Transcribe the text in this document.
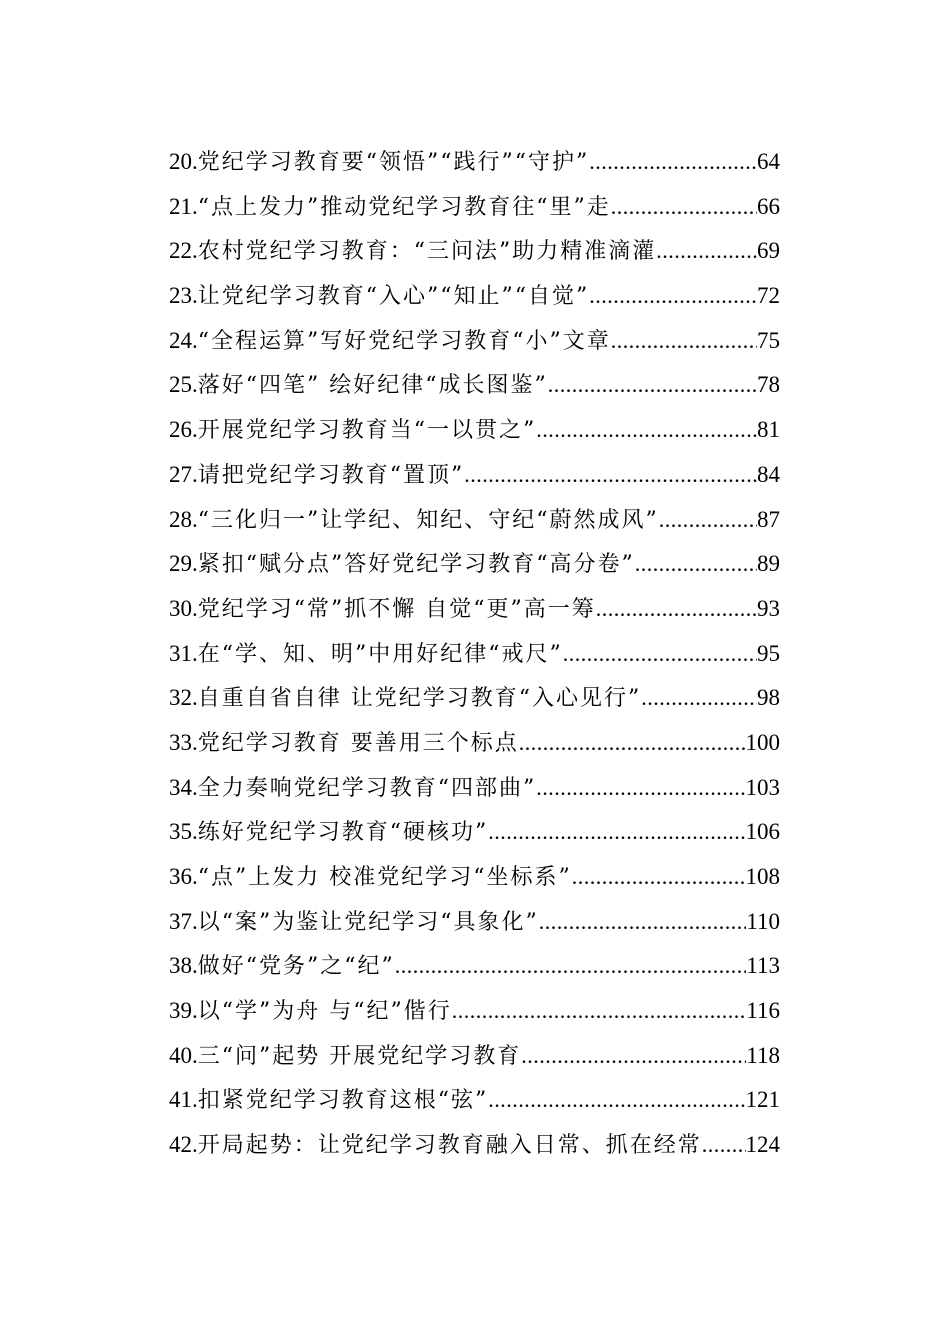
20. 党纪学习教育要“领悟”“践行”“守护” .....	64
21. “点上发力”推动党纪学习教育往“里”走 .....	66
22. 农村党纪学习教育：“三问法”助力精准滴灌 .....	69
23. 让党纪学习教育“入心”“知止”“自觉” .....	72
24. “全程运算”写好党纪学习教育“小”文章 .....	75
25. 落好“四笔” 绘好纪律“成长图鉴” .....	78
26. 开展党纪学习教育当“一以贯之” .....	81
27. 请把党纪学习教育“置顶” .....	84
28. “三化归一”让学纪、知纪、守纪“蔚然成风” .....	87
29. 紧扣“赋分点”答好党纪学习教育“高分卷” .....	89
30. 党纪学习“常”抓不懈 自觉“更”高一筹 .....	93
31. 在“学、知、明”中用好纪律“戒尺” .....	95
32. 自重自省自律 让党纪学习教育“入心见行” .....	98
33. 党纪学习教育 要善用三个标点 .....	100
34. 全力奏响党纪学习教育“四部曲” .....	103
35. 练好党纪学习教育“硬核功” .....	106
36. “点”上发力 校准党纪学习“坐标系” .....	108
37. 以“案”为鉴让党纪学习“具象化” .....	110
38. 做好“党务”之“纪” .....	113
39. 以“学”为舟 与“纪”偕行 .....	116
40. 三“问”起势 开展党纪学习教育 .....	118
41. 扣紧党纪学习教育这根“弦” .....	121
42. 开局起势：让党纪学习教育融入日常、抓在经常 ..... 124
